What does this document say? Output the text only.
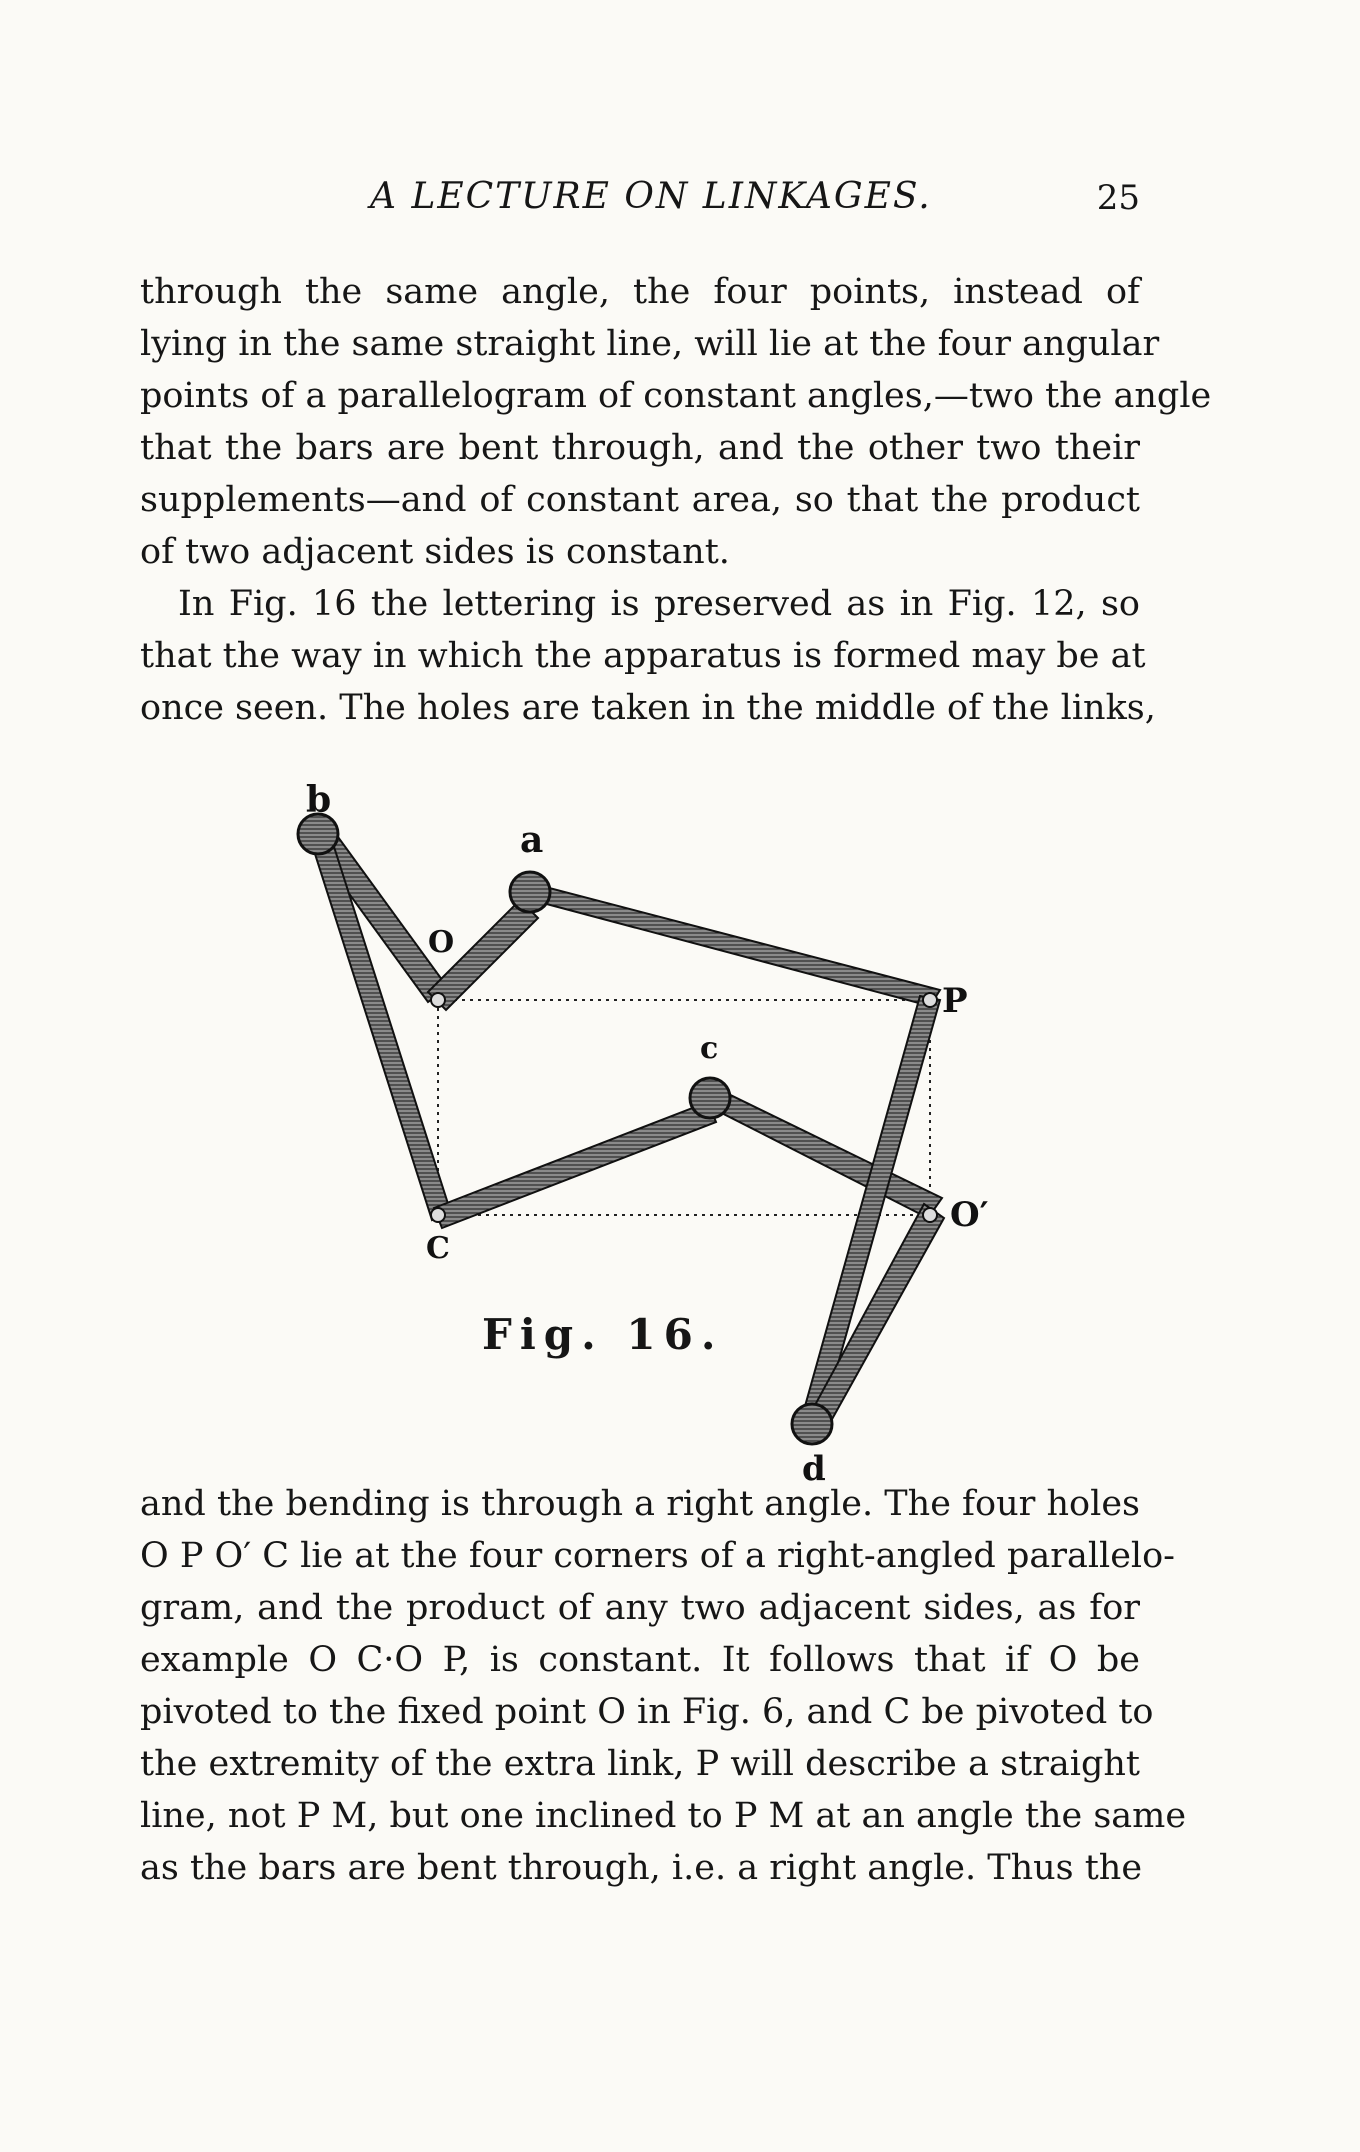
A LECTURE ON LINKAGES.	25
through the same angle, the four points, instead of
lying in the same straight line, will lie at the four angular
points of a parallelogram of constant angles,—two the angle
that the bars are bent through, and the other two their
supplements—and of constant area, so that the product
of two adjacent sides is constant.
In Fig. 16 the lettering is preserved as in Fig. 12, so
that the way in which the apparatus is formed may be at
once seen. The holes are taken in the middle of the links,
b
a
O
P
c
C
O′
d
Fig. 16.
and the bending is through a right angle. The four holes
O P O′ C lie at the four corners of a right-angled parallelo-
gram, and the product of any two adjacent sides, as for
example O C·O P, is constant. It follows that if O be
pivoted to the fixed point O in Fig. 6, and C be pivoted to
the extremity of the extra link, P will describe a straight
line, not P M, but one inclined to P M at an angle the same
as the bars are bent through, i.e. a right angle. Thus the
